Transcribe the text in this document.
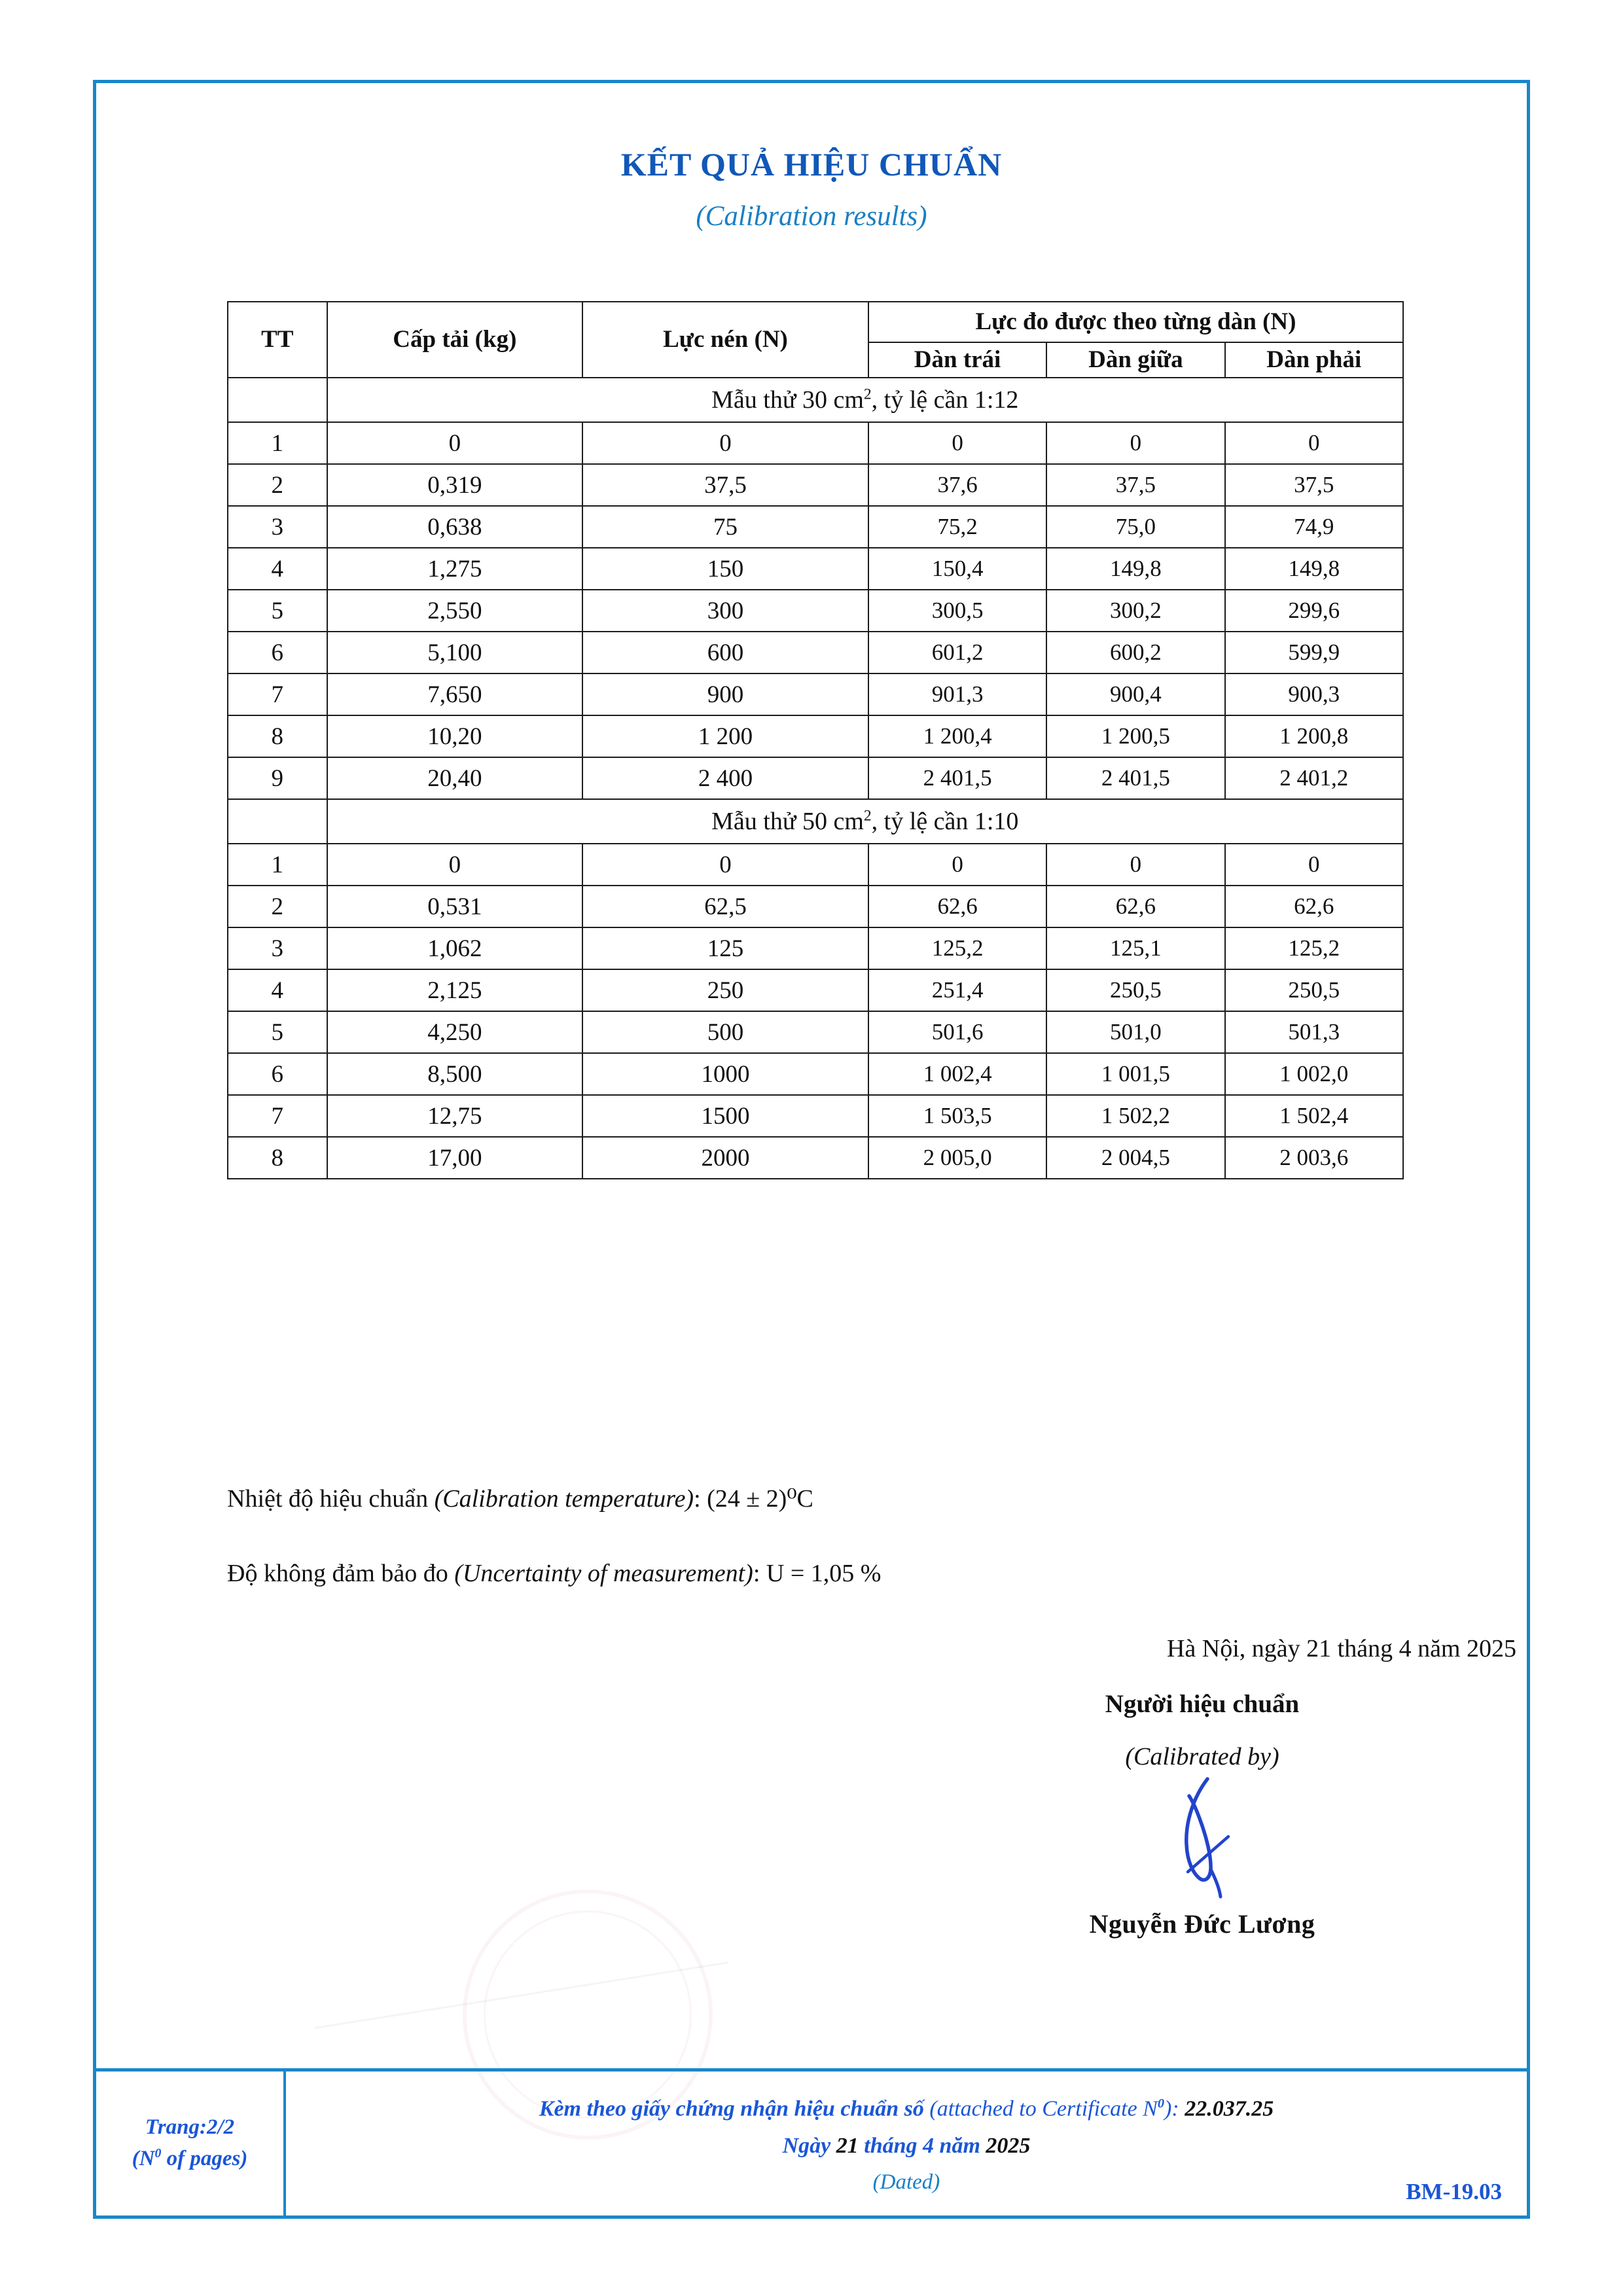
KẾT QUẢ HIỆU CHUẨN
(Calibration results)
TT	Cấp tải (kg)	Lực nén (N)	Lực đo được theo từng dàn (N)		
			Dàn trái	Dàn giữa	Dàn phải
	Mẫu thử 30 $cm^2$, tỷ lệ cần 1:12				
1	0	0	0	0	0
2	0,319	37,5	37,6	37,5	37,5
3	0,638	75	75,2	75,0	74,9
4	1,275	150	150,4	149,8	149,8
5	2,550	300	300,5	300,2	299,6
6	5,100	600	601,2	600,2	599,9
7	7,650	900	901,3	900,4	900,3
8	10,20	1 200	1 200,4	1 200,5	1 200,8
9	20,40	2 400	2 401,5	2 401,5	2 401,2
	Mẫu thử 50 $cm^2$, tỷ lệ cần 1:10				
1	0	0	0	0	0
2	0,531	62,5	62,6	62,6	62,6
3	1,062	125	125,2	125,1	125,2
4	2,125	250	251,4	250,5	250,5
5	4,250	500	501,6	501,0	501,3
6	8,500	1000	1 002,4	1 001,5	1 002,0
7	12,75	1500	1 503,5	1 502,2	1 502,4
8	17,00	2000	2 005,0	2 004,5	2 003,6
Nhiệt độ hiệu chuẩn (Calibration temperature): (24 ± 2)⁰C
Độ không đảm bảo đo (Uncertainty of measurement): U = 1,05 %
Hà Nội, ngày 21 tháng 4 năm 2025
Người hiệu chuẩn
(Calibrated by)
Nguyễn Đức Lương
Trang:2/2
($N^0$ of pages)
Kèm theo giấy chứng nhận hiệu chuẩn số (attached to Certificate $N^0$): 22.037.25
Ngày 21 tháng 4 năm 2025
(Dated)	BM-19.03
